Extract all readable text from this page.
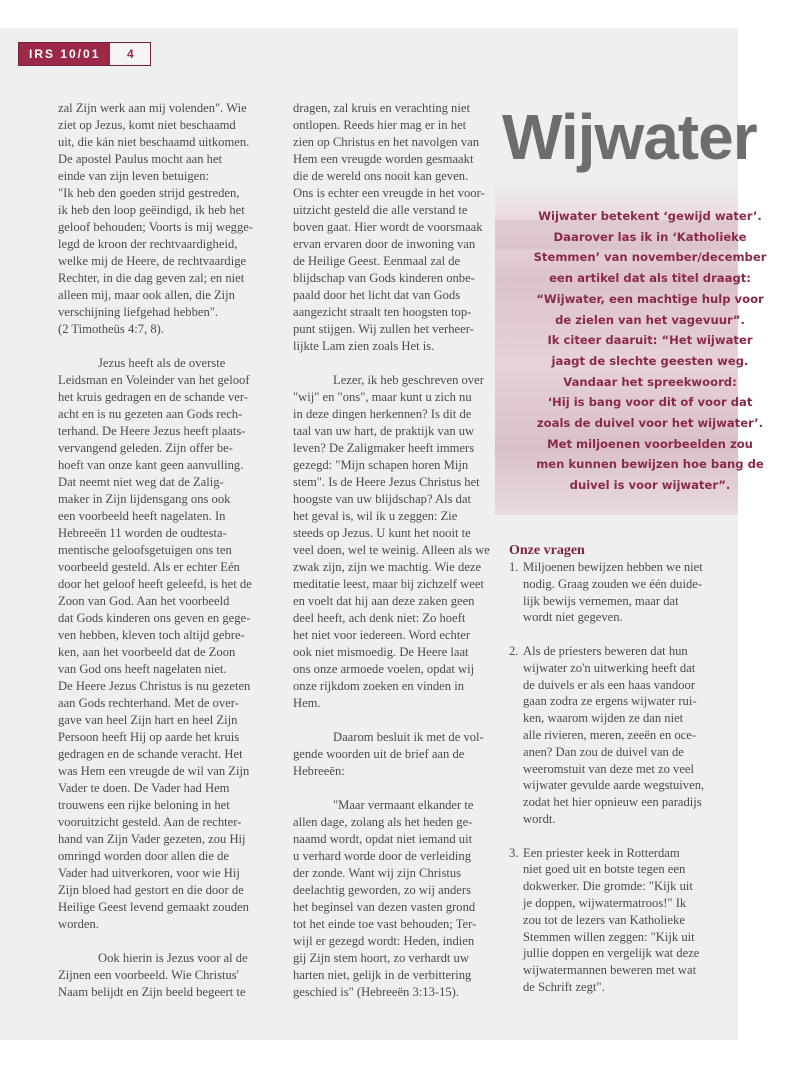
IRS 10/01	4
zal Zijn werk aan mij volenden". Wie
ziet op Jezus, komt niet beschaamd
uit, die kán niet beschaamd uitkomen.
De apostel Paulus mocht aan het
einde van zijn leven betuigen:
"Ik heb den goeden strijd gestreden,
ik heb den loop geëindigd, ik heb het
geloof behouden; Voorts is mij wegge-
legd de kroon der rechtvaardigheid,
welke mij de Heere, de rechtvaardige
Rechter, in die dag geven zal; en niet
alleen mij, maar ook allen, die Zijn
verschijning liefgehad hebben".
(2 Timotheüs 4:7, 8).
Jezus heeft als de overste
Leidsman en Voleinder van het geloof
het kruis gedragen en de schande ver-
acht en is nu gezeten aan Gods rech-
terhand. De Heere Jezus heeft plaats-
vervangend geleden. Zijn offer be-
hoeft van onze kant geen aanvulling.
Dat neemt niet weg dat de Zalig-
maker in Zijn lijdensgang ons ook
een voorbeeld heeft nagelaten. In
Hebreeën 11 worden de oudtesta-
mentische geloofsgetuigen ons ten
voorbeeld gesteld. Als er echter Eén
door het geloof heeft geleefd, is het de
Zoon van God. Aan het voorbeeld
dat Gods kinderen ons geven en gege-
ven hebben, kleven toch altijd gebre-
ken, aan het voorbeeld dat de Zoon
van God ons heeft nagelaten niet.
De Heere Jezus Christus is nu gezeten
aan Gods rechterhand. Met de over-
gave van heel Zijn hart en heel Zijn
Persoon heeft Hij op aarde het kruis
gedragen en de schande veracht. Het
was Hem een vreugde de wil van Zijn
Vader te doen. De Vader had Hem
trouwens een rijke beloning in het
vooruitzicht gesteld. Aan de rechter-
hand van Zijn Vader gezeten, zou Hij
omringd worden door allen die de
Vader had uitverkoren, voor wie Hij
Zijn bloed had gestort en die door de
Heilige Geest levend gemaakt zouden
worden.
Ook hierin is Jezus voor al de
Zijnen een voorbeeld. Wie Christus'
Naam belijdt en Zijn beeld begeert te
dragen, zal kruis en verachting niet
ontlopen. Reeds hier mag er in het
zien op Christus en het navolgen van
Hem een vreugde worden gesmaakt
die de wereld ons nooit kan geven.
Ons is echter een vreugde in het voor-
uitzicht gesteld die alle verstand te
boven gaat. Hier wordt de voorsmaak
ervan ervaren door de inwoning van
de Heilige Geest. Eenmaal zal de
blijdschap van Gods kinderen onbe-
paald door het licht dat van Gods
aangezicht straalt ten hoogsten top-
punt stijgen. Wij zullen het verheer-
lijkte Lam zien zoals Het is.
Lezer, ik heb geschreven over
"wij" en "ons", maar kunt u zich nu
in deze dingen herkennen? Is dit de
taal van uw hart, de praktijk van uw
leven? De Zaligmaker heeft immers
gezegd: "Mijn schapen horen Mijn
stem". Is de Heere Jezus Christus het
hoogste van uw blijdschap? Als dat
het geval is, wil ik u zeggen: Zie
steeds op Jezus. U kunt het nooit te
veel doen, wel te weinig. Alleen als we
zwak zijn, zijn we machtig. Wie deze
meditatie leest, maar bij zichzelf weet
en voelt dat hij aan deze zaken geen
deel heeft, ach denk niet: Zo hoeft
het niet voor iedereen. Word echter
ook niet mismoedig. De Heere laat
ons onze armoede voelen, opdat wij
onze rijkdom zoeken en vinden in
Hem.
Daarom besluit ik met de vol-
gende woorden uit de brief aan de
Hebreeën:
"Maar vermaant elkander te
allen dage, zolang als het heden ge-
naamd wordt, opdat niet iemand uit
u verhard worde door de verleiding
der zonde. Want wij zijn Christus
deelachtig geworden, zo wij anders
het beginsel van dezen vasten grond
tot het einde toe vast behouden; Ter-
wijl er gezegd wordt: Heden, indien
gij Zijn stem hoort, zo verhardt uw
harten niet, gelijk in de verbittering
geschied is" (Hebreeën 3:13-15).
Wijwater
Wijwater betekent ‘gewijd water’.
Daarover las ik in ‘Katholieke
Stemmen’ van november/december
een artikel dat als titel draagt:
“Wijwater, een machtige hulp voor
de zielen van het vagevuur”.
Ik citeer daaruit: “Het wijwater
jaagt de slechte geesten weg.
Vandaar het spreekwoord:
‘Hij is bang voor dit of voor dat
zoals de duivel voor het wijwater’.
Met miljoenen voorbeelden zou
men kunnen bewijzen hoe bang de
duivel is voor wijwater”.
Onze vragen
1. Miljoenen bewijzen hebben we niet
nodig. Graag zouden we één duide-
lijk bewijs vernemen, maar dat
wordt niet gegeven.
2. Als de priesters beweren dat hun
wijwater zo'n uitwerking heeft dat
de duivels er als een haas vandoor
gaan zodra ze ergens wijwater rui-
ken, waarom wijden ze dan niet
alle rivieren, meren, zeeën en oce-
anen? Dan zou de duivel van de
weeromstuit van deze met zo veel
wijwater gevulde aarde wegstuiven,
zodat het hier opnieuw een paradijs
wordt.
3. Een priester keek in Rotterdam
niet goed uit en botste tegen een
dokwerker. Die gromde: "Kijk uit
je doppen, wijwatermatroos!" Ik
zou tot de lezers van Katholieke
Stemmen willen zeggen: "Kijk uit
jullie doppen en vergelijk wat deze
wijwatermannen beweren met wat
de Schrift zegt".
